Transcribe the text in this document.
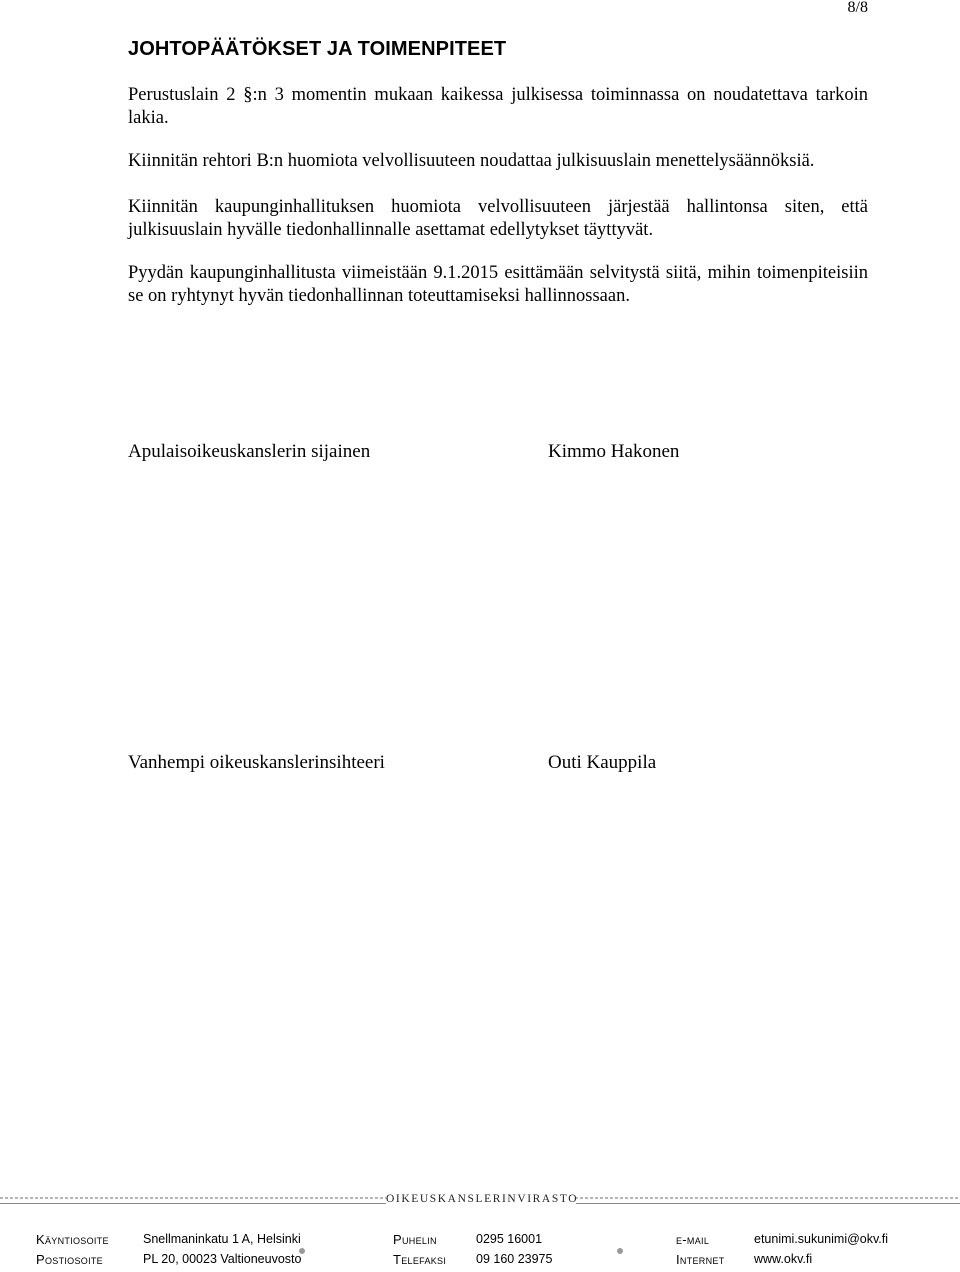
8/8
JOHTOPÄÄTÖKSET JA TOIMENPITEET
Perustuslain 2 §:n 3 momentin mukaan kaikessa julkisessa toiminnassa on noudatettava tarkoin lakia.
Kiinnitän rehtori B:n huomiota velvollisuuteen noudattaa julkisuuslain menettelysäännöksiä.
Kiinnitän kaupunginhallituksen huomiota velvollisuuteen järjestää hallintonsa siten, että julkisuuslain hyvälle tiedonhallinnalle asettamat edellytykset täyttyvät.
Pyydän kaupunginhallitusta viimeistään 9.1.2015 esittämään selvitystä siitä, mihin toimenpiteisiin se on ryhtynyt hyvän tiedonhallinnan toteuttamiseksi hallinnossaan.
Apulaisoikeuskanslerin sijainen	Kimmo Hakonen
Vanhempi oikeuskanslerinsihteeri	Outi Kauppila
OIKEUSKANSLERINVIRASTO
Käyntiosoite	Snellmaninkatu 1 A, Helsinki	Puhelin	0295 16001	e-mail	etunimi.sukunimi@okv.fi
Postiosoite	PL 20, 00023 Valtioneuvosto	Telefaksi 09 160 23975	Internet www.okv.fi
